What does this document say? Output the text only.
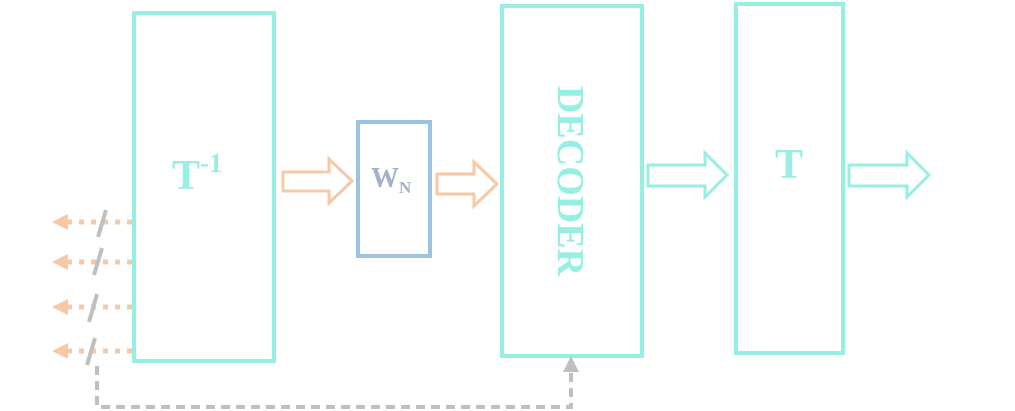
$T^{-1}$	$W_N$	DECODER	T
